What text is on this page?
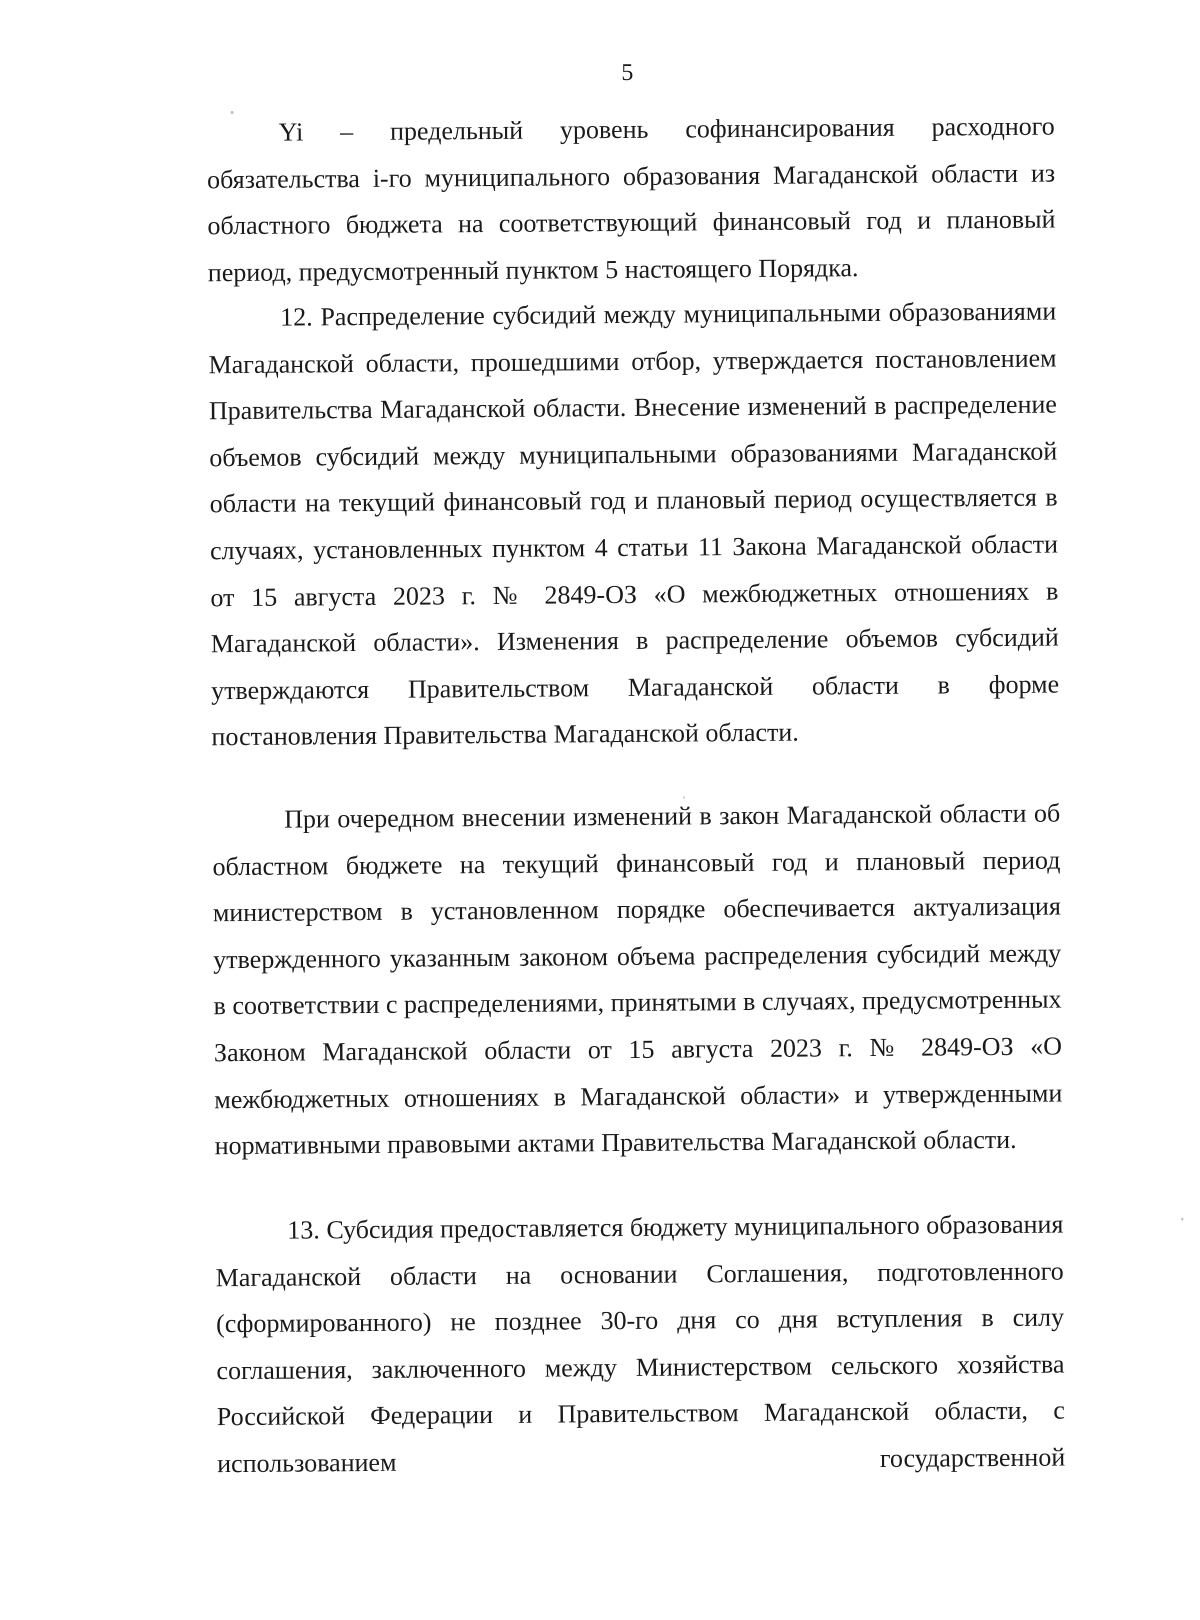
5

Yi – предельный уровень софинансирования расходного обязательства i-го муниципального образования Магаданской области из областного бюджета на соответствующий финансовый год и плановый период, предусмотренный пунктом 5 настоящего Порядка.

12. Распределение субсидий между муниципальными образованиями Магаданской области, прошедшими отбор, утверждается постановлением Правительства Магаданской области. Внесение изменений в распределение объемов субсидий между муниципальными образованиями Магаданской области на текущий финансовый год и плановый период осуществляется в случаях, установленных пунктом 4 статьи 11 Закона Магаданской области от 15 августа 2023 г. № 2849-ОЗ «О межбюджетных отношениях в Магаданской области». Изменения в распределение объемов субсидий утверждаются Правительством Магаданской области в форме постановления Правительства Магаданской области.

При очередном внесении изменений в закон Магаданской области об областном бюджете на текущий финансовый год и плановый период министерством в установленном порядке обеспечивается актуализация утвержденного указанным законом объема распределения субсидий между в соответствии с распределениями, принятыми в случаях, предусмотренных Законом Магаданской области от 15 августа 2023 г. № 2849-ОЗ «О межбюджетных отношениях в Магаданской области» и утвержденными нормативными правовыми актами Правительства Магаданской области.

13. Субсидия предоставляется бюджету муниципального образования Магаданской области на основании Соглашения, подготовленного (сформированного) не позднее 30-го дня со дня вступления в силу соглашения, заключенного между Министерством сельского хозяйства Российской Федерации и Правительством Магаданской области, с использованием государственной
